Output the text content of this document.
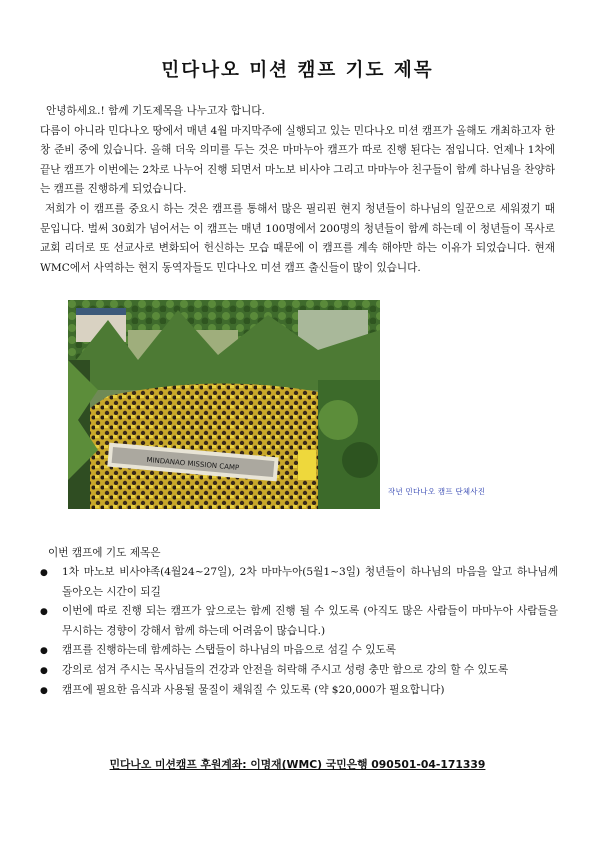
민다나오 미션 캠프 기도 제목

안녕하세요.! 함께 기도제목을 나누고자 합니다.

다름이 아니라 민다나오 땅에서 매년 4월 마지막주에 실행되고 있는 민다나오 미션 캠프가 올해도 개최하고자 한창 준비 중에 있습니다. 올해 더욱 의미를 두는 것은 마마누아 캠프가 따로 진행 된다는 점입니다. 언제나 1차에 끝난 캠프가 이번에는 2차로 나누어 진행 되면서 마노보 비사야 그리고 마마누아 친구들이 함께 하나님을 찬양하는 캠프를 진행하게 되었습니다.

저희가 이 캠프를 중요시 하는 것은 캠프를 통해서 많은 필리핀 현지 청년들이 하나님의 일꾼으로 세워졌기 때문입니다. 벌써 30회가 넘어서는 이 캠프는 매년 100명에서 200명의 청년들이 함께 하는데 이 청년들이 목사로 교회 리더로 또 선교사로 변화되어 헌신하는 모습 때문에 이 캠프를 계속 해야만 하는 이유가 되었습니다. 현재 WMC에서 사역하는 현지 동역자들도 민다나오 미션 캠프 출신들이 많이 있습니다.

MINDANAO MISSION CAMP
작년 민다나오 캠프 단체사진
이번 캠프에 기도 제목은
● 1차 마노보 비사야족(4월24~27일), 2차 마마누아(5월1~3일) 청년들이 하나님의 마음을 알고 하나님께 돌아오는 시간이 되길
● 이번에 따로 진행 되는 캠프가 앞으로는 함께 진행 될 수 있도록 (아직도 많은 사람들이 마마누아 사람들을 무시하는 경향이 강해서 함께 하는데 어려움이 많습니다.)
● 캠프를 진행하는데 함께하는 스탭들이 하나님의 마음으로 섬길 수 있도록
● 강의로 섬겨 주시는 목사님들의 건강과 안전을 허락해 주시고 성령 충만 함으로 강의 할 수 있도록
● 캠프에 필요한 음식과 사용될 물질이 채워질 수 있도록 (약 $20,000가 필요합니다)
민다나오 미션캠프 후원계좌: 이명재(WMC) 국민은행 090501-04-171339
